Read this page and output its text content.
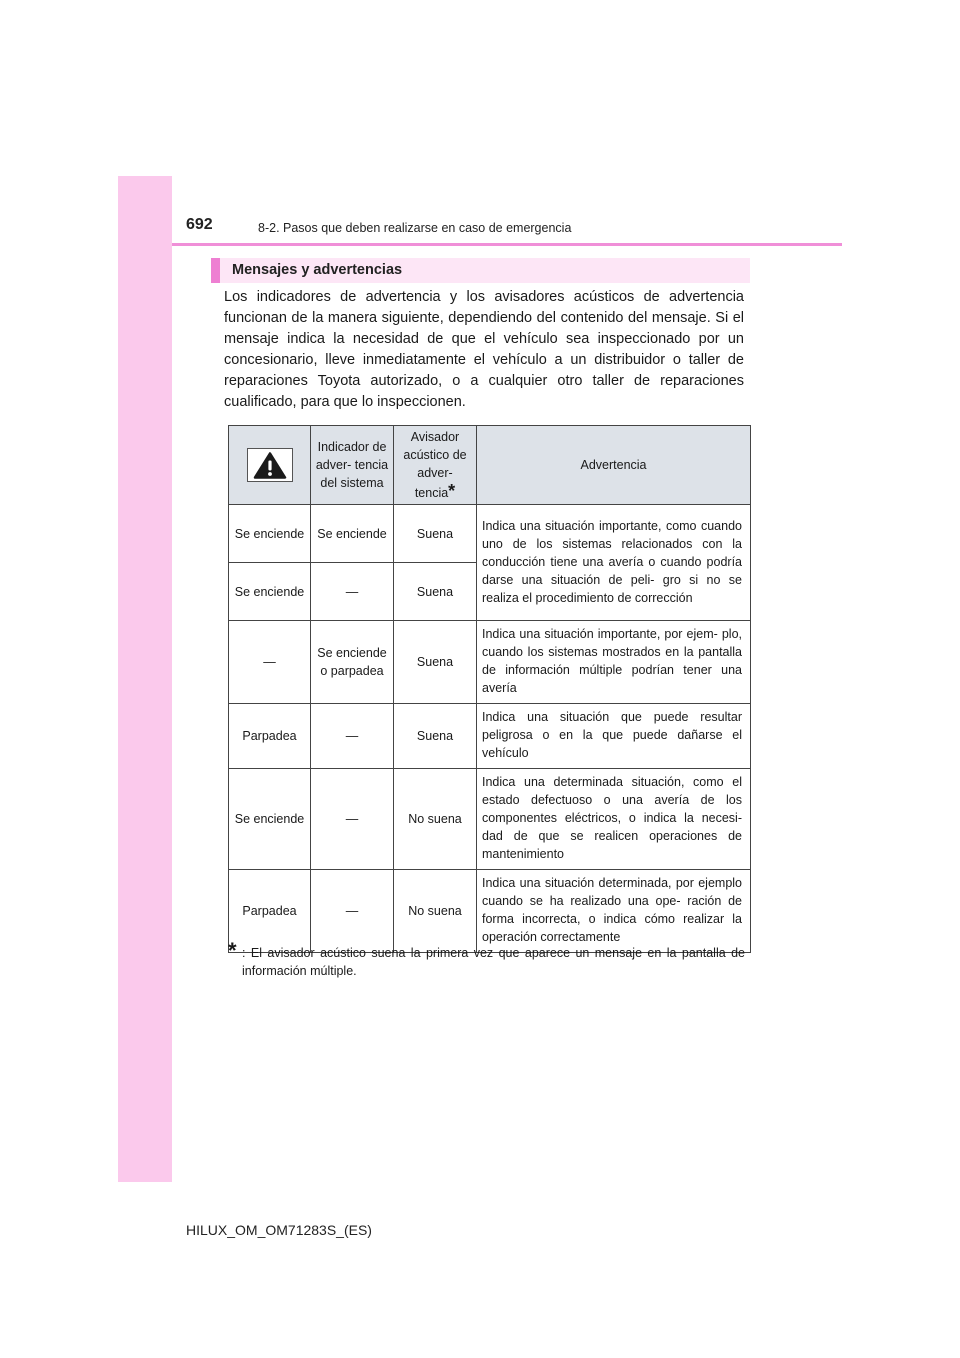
692	8-2. Pasos que deben realizarse en caso de emergencia
Mensajes y advertencias

Los indicadores de advertencia y los avisadores acústicos de advertencia funcionan de la manera siguiente, dependiendo del contenido del mensaje. Si el mensaje indica la necesidad de que el vehículo sea inspeccionado por un concesionario, lleve inmediatamente el vehículo a un distribuidor o taller de reparaciones Toyota autorizado, o a cualquier otro taller de reparaciones cualificado, para que lo inspeccionen.

	Indicador de adver- tencia del sistema	Avisador acústico de adver- tencia*	Advertencia
Se enciende	Se enciende	Suena	Indica una situación importante, como cuando uno de los sistemas relacionados con la conducción tiene una avería o cuando podría darse una situación de peli- gro si no se realiza el procedimiento de corrección
Se enciende	—	Suena	
—	Se enciende o parpadea	Suena	Indica una situación importante, por ejem- plo, cuando los sistemas mostrados en la pantalla de información múltiple podrían tener una avería
Parpadea	—	Suena	Indica una situación que puede resultar peligrosa o en la que puede dañarse el vehículo
Se enciende	—	No suena	Indica una determinada situación, como el estado defectuoso o una avería de los componentes eléctricos, o indica la necesi- dad de que se realicen operaciones de mantenimiento
Parpadea	—	No suena	Indica una situación determinada, por ejemplo cuando se ha realizado una ope- ración de forma incorrecta, o indica cómo realizar la operación correctamente
* : El avisador acústico suena la primera vez que aparece un mensaje en la pantalla de información múltiple.
HILUX_OM_OM71283S_(ES)
